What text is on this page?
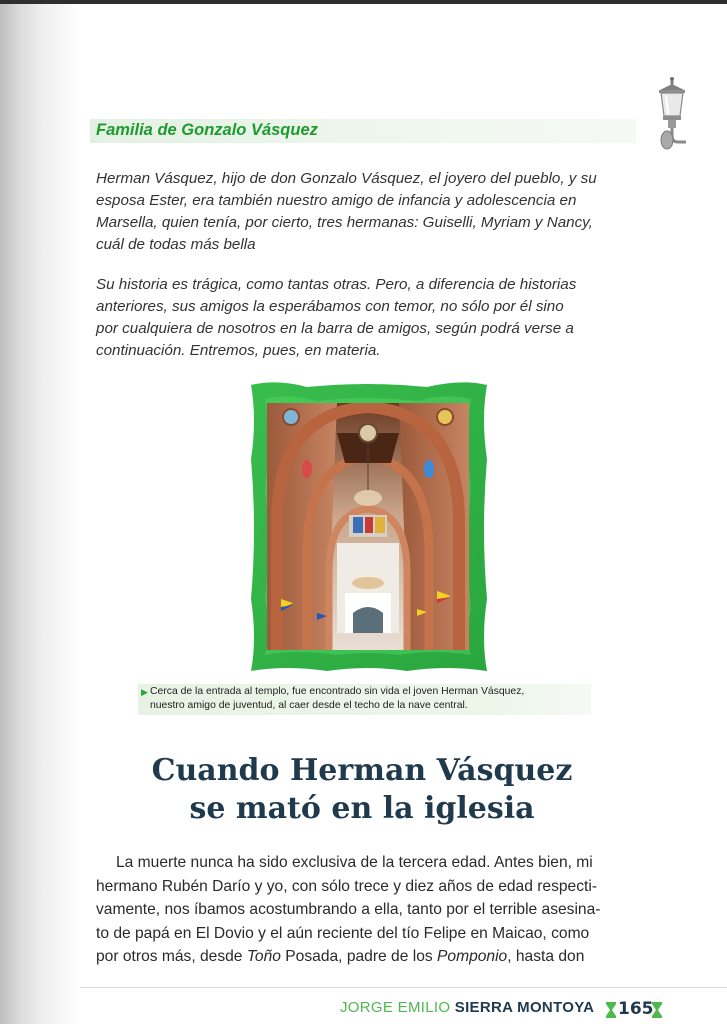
Familia de Gonzalo Vásquez
Herman Vásquez, hijo de don Gonzalo Vásquez, el joyero del pueblo, y su
esposa Ester, era también nuestro amigo de infancia y adolescencia en
Marsella, quien tenía, por cierto, tres hermanas: Guiselli, Myriam y Nancy,
cuál de todas más bella
Su historia es trágica, como tantas otras. Pero, a diferencia de historias
anteriores, sus amigos la esperábamos con temor, no sólo por él sino
por cualquiera de nosotros en la barra de amigos, según podrá verse a
continuación. Entremos, pues, en materia.
▶ Cerca de la entrada al templo, fue encontrado sin vida el joven Herman Vásquez,
nuestro amigo de juventud, al caer desde el techo de la nave central.
Cuando Herman Vásquez
se mató en la iglesia

La muerte nunca ha sido exclusiva de la tercera edad. Antes bien, mi

hermano Rubén Darío y yo, con sólo trece y diez años de edad respecti-

vamente, nos íbamos acostumbrando a ella, tanto por el terrible asesina-

to de papá en El Dovio y el aún reciente del tío Felipe en Maicao, como

por otros más, desde Toño Posada, padre de los Pomponio, hasta don

JORGE EMILIO SIERRA MONTOYA 165
